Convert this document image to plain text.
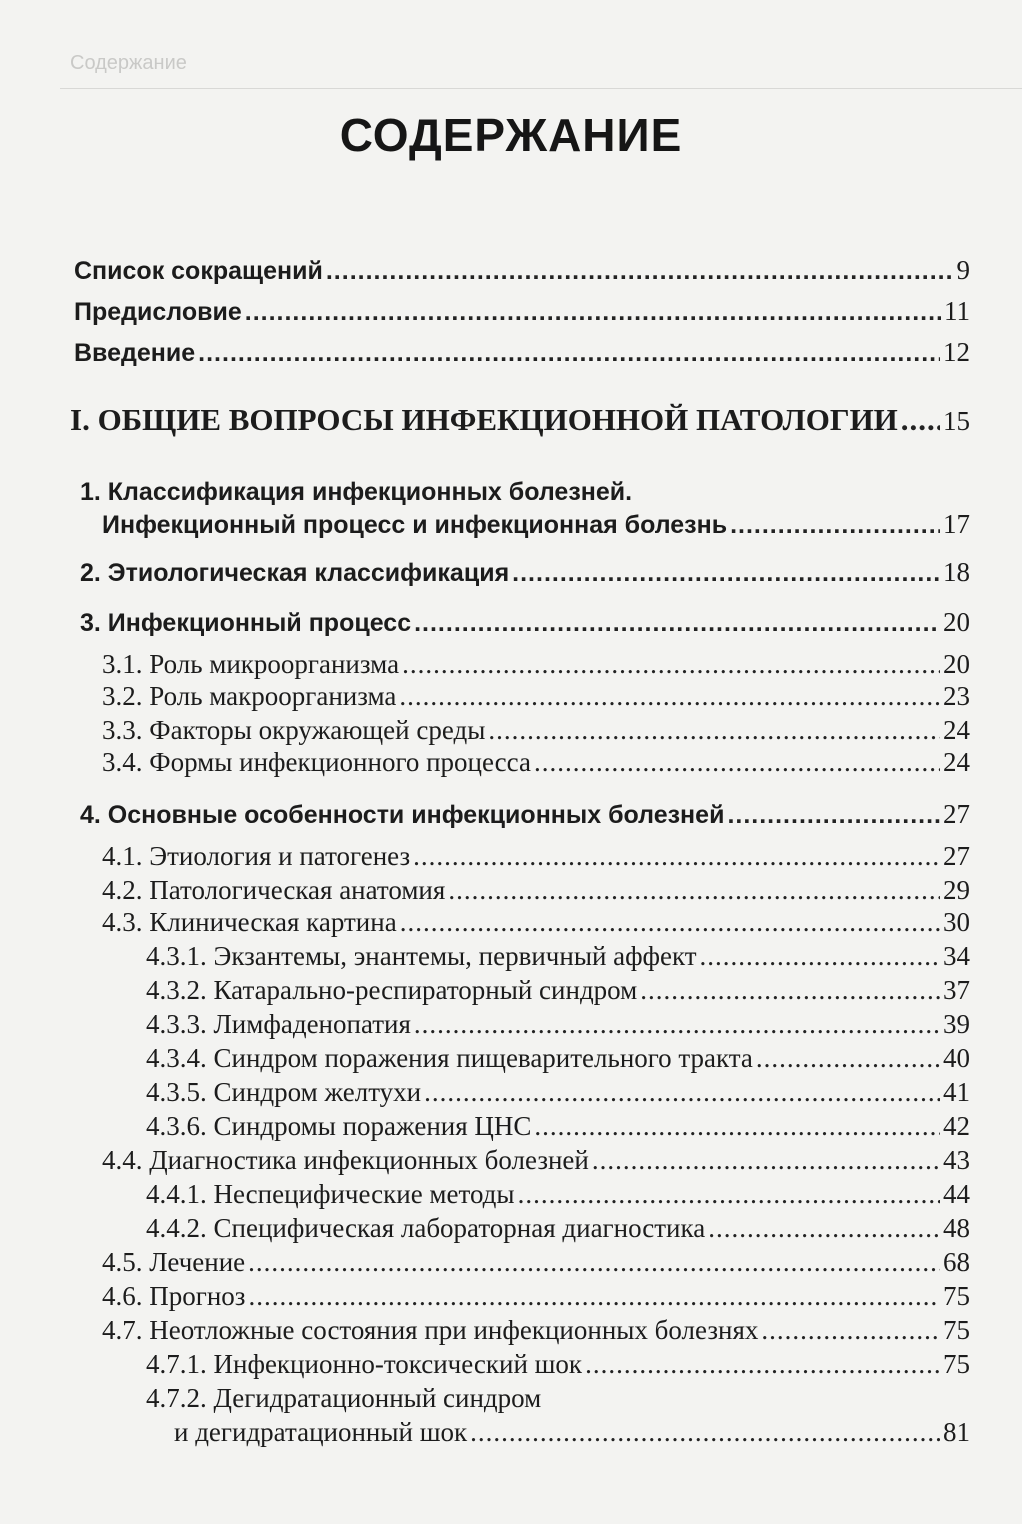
Содержание
СОДЕРЖАНИЕ
Список сокращений .....	9
Предисловие .....	11
Введение .....	12
I. ОБЩИЕ ВОПРОСЫ ИНФЕКЦИОННОЙ ПАТОЛОГИИ ..... 15
1. Классификация инфекционных болезней.
Инфекционный процесс и инфекционная болезнь .....	17
2. Этиологическая классификация .....	18
3. Инфекционный процесс .....	20
3.1. Роль микроорганизма .....	20
3.2. Роль макроорганизма .....	23
3.3. Факторы окружающей среды .....	24
3.4. Формы инфекционного процесса .....	24
4. Основные особенности инфекционных болезней .....	27
4.1. Этиология и патогенез .....	27
4.2. Патологическая анатомия .....	29
4.3. Клиническая картина .....	30
4.3.1. Экзантемы, энантемы, первичный аффект .....	34
4.3.2. Катарально-респираторный синдром .....	37
4.3.3. Лимфаденопатия .....	39
4.3.4. Синдром поражения пищеварительного тракта .....	40
4.3.5. Синдром желтухи .....	41
4.3.6. Синдромы поражения ЦНС .....	42
4.4. Диагностика инфекционных болезней .....	43
4.4.1. Неспецифические методы .....	44
4.4.2. Специфическая лабораторная диагностика .....	48
4.5. Лечение .....	68
4.6. Прогноз .....	75
4.7. Неотложные состояния при инфекционных болезнях .....	75
4.7.1. Инфекционно-токсический шок .....	75
4.7.2. Дегидратационный синдром
и дегидратационный шок .....	81
